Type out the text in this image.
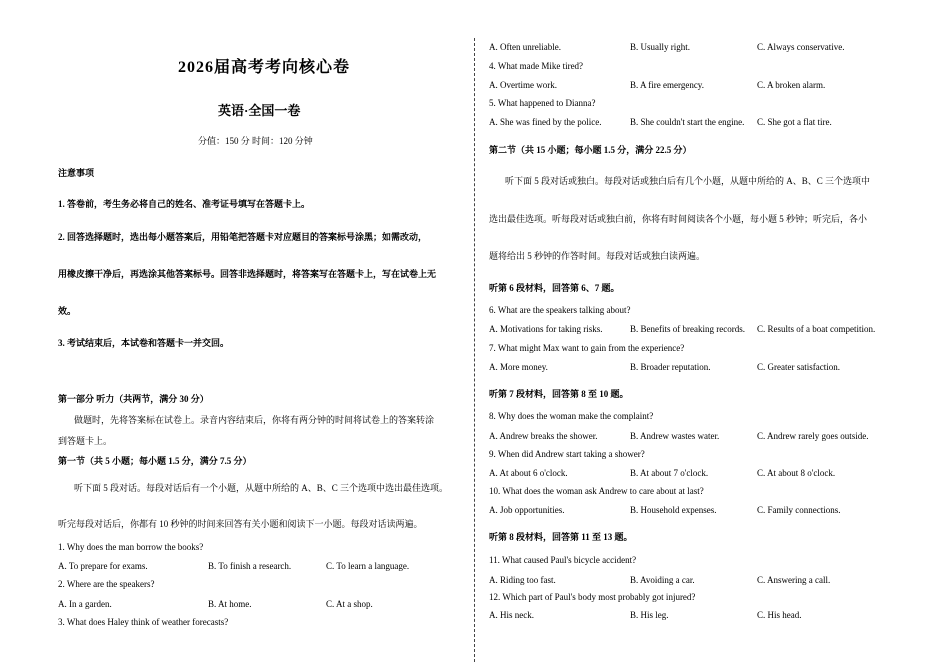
2026届高考考向核心卷
英语·全国一卷
分值：150 分 时间：120 分钟
注意事项
1. 答卷前，考生务必将自己的姓名、准考证号填写在答题卡上。
2. 回答选择题时，选出每小题答案后，用铅笔把答题卡对应题目的答案标号涂黑；如需改动，
用橡皮擦干净后，再选涂其他答案标号。回答非选择题时，将答案写在答题卡上，写在试卷上无
效。
3. 考试结束后，本试卷和答题卡一并交回。
第一部分 听力（共两节，满分 30 分）
做题时，先将答案标在试卷上。录音内容结束后，你将有两分钟的时间将试卷上的答案转涂
到答题卡上。
第一节（共 5 小题；每小题 1.5 分，满分 7.5 分）
听下面 5 段对话。每段对话后有一个小题，从题中所给的 A、B、C 三个选项中选出最佳选项。
听完每段对话后，你都有 10 秒钟的时间来回答有关小题和阅读下一小题。每段对话读两遍。
1. Why does the man borrow the books?
A. To prepare for exams.	B. To finish a research.	C. To learn a language.
2. Where are the speakers?
A. In a garden.	B. At home.	C. At a shop.
3. What does Haley think of weather forecasts?
A. Often unreliable.	B. Usually right.	C. Always conservative.
4. What made Mike tired?
A. Overtime work.	B. A fire emergency.	C. A broken alarm.
5. What happened to Dianna?
A. She was fined by the police.	B. She couldn't start the engine. C. She got a flat tire.
第二节（共 15 小题；每小题 1.5 分，满分 22.5 分）
听下面 5 段对话或独白。每段对话或独白后有几个小题，从题中所给的 A、B、C 三个选项中
选出最佳选项。听每段对话或独白前，你将有时间阅读各个小题，每小题 5 秒钟；听完后，各小
题将给出 5 秒钟的作答时间。每段对话或独白读两遍。
听第 6 段材料，回答第 6、7 题。
6. What are the speakers talking about?
A. Motivations for taking risks.	B. Benefits of breaking records. C. Results of a boat competition.
7. What might Max want to gain from the experience?
A. More money.	B. Broader reputation.	C. Greater satisfaction.
听第 7 段材料，回答第 8 至 10 题。
8. Why does the woman make the complaint?
A. Andrew breaks the shower.	B. Andrew wastes water.	C. Andrew rarely goes outside.
9. When did Andrew start taking a shower?
A. At about 6 o'clock.	B. At about 7 o'clock.	C. At about 8 o'clock.
10. What does the woman ask Andrew to care about at last?
A. Job opportunities.	B. Household expenses.	C. Family connections.
听第 8 段材料，回答第 11 至 13 题。
11. What caused Paul's bicycle accident?
A. Riding too fast.	B. Avoiding a car.	C. Answering a call.
12. Which part of Paul's body most probably got injured?
A. His neck.	B. His leg.	C. His head.
